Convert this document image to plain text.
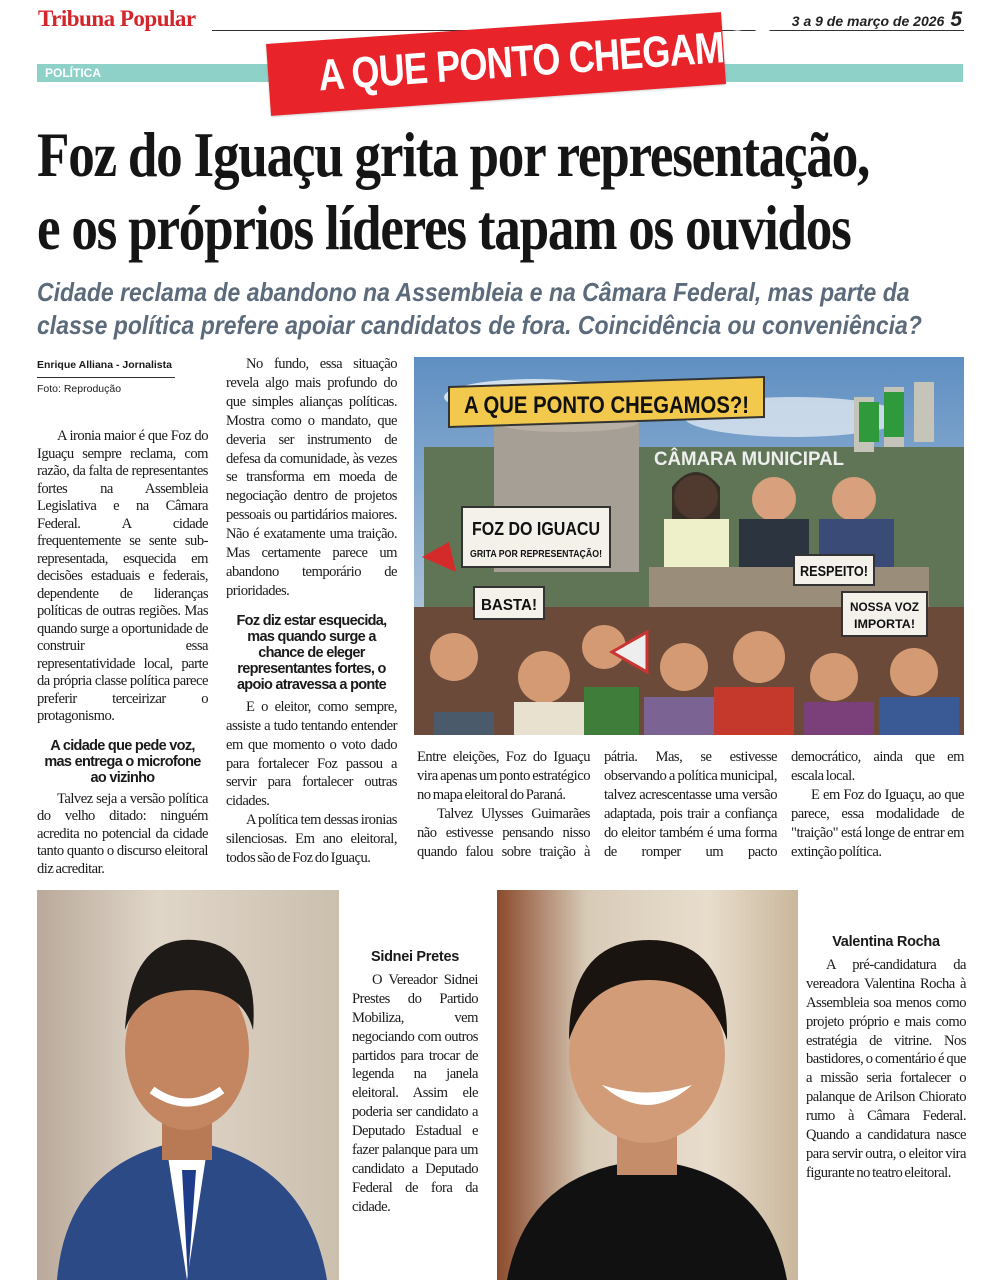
Tribuna Popular	3 a 9 de março de 2026 5
POLÍTICA	A QUE PONTO CHEGAMOS
Foz do Iguaçu grita por representação,
e os próprios líderes tapam os ouvidos
Cidade reclama de abandono na Assembleia e na Câmara Federal, mas parte da
classe política prefere apoiar candidatos de fora. Coincidência ou conveniência?
Enrique Alliana - Jornalista
Foto: Reprodução

A ironia maior é que Foz do Iguaçu sempre reclama, com razão, da falta de representantes fortes na Assembleia Legislativa e na Câmara Federal. A cidade frequentemente se sente sub-representada, esquecida em decisões estaduais e federais, dependente de lideranças políticas de outras regiões. Mas quando surge a oportunidade de construir essa representatividade local, parte da própria classe política parece preferir terceirizar o protagonismo.

A cidade que pede voz, mas entrega o microfone ao vizinho

Talvez seja a versão política do velho ditado: ninguém acredita no potencial da cidade tanto quanto o discurso eleitoral diz acreditar.

No fundo, essa situação revela algo mais profundo do que simples alianças políticas. Mostra como o mandato, que deveria ser instrumento de defesa da comunidade, às vezes se transforma em moeda de negociação dentro de projetos pessoais ou partidários maiores. Não é exatamente uma traição. Mas certamente parece um abandono temporário de prioridades.

Foz diz estar esquecida, mas quando surge a chance de eleger representantes fortes, o apoio atravessa a ponte

E o eleitor, como sempre, assiste a tudo tentando entender em que momento o voto dado para fortalecer Foz passou a servir para fortalecer outras cidades.

A política tem dessas ironias silenciosas. Em ano eleitoral, todos são de Foz do Iguaçu.

CÂMARA MUNICIPAL
A QUE PONTO CHEGAMOS?!
FOZ DO IGUACU
GRITA POR REPRESENTAÇÃO!
BASTA!
RESPEITO!
NOSSA VOZ
IMPORTA!

Entre eleições, Foz do Iguaçu vira apenas um ponto estratégico no mapa eleitoral do Paraná.

Talvez Ulysses Guimarães não estivesse pensando nisso quando falou sobre traição à pátria. Mas, se estivesse observando a política municipal, talvez acrescentasse uma versão adaptada, pois trair a confiança do eleitor também é uma forma de romper um pacto democrático, ainda que em escala local.

E em Foz do Iguaçu, ao que parece, essa modalidade de "traição" está longe de entrar em extinção política.

Sidnei Pretes

O Vereador Sidnei Prestes do Partido Mobiliza, vem negociando com outros partidos para trocar de legenda na janela eleitoral. Assim ele poderia ser candidato a Deputado Estadual e fazer palanque para um candidato a Deputado Federal de fora da cidade.

Valentina Rocha

A pré-candidatura da vereadora Valentina Rocha à Assembleia soa menos como projeto próprio e mais como estratégia de vitrine. Nos bastidores, o comentário é que a missão seria fortalecer o palanque de Arilson Chiorato rumo à Câmara Federal. Quando a candidatura nasce para servir outra, o eleitor vira figurante no teatro eleitoral.
